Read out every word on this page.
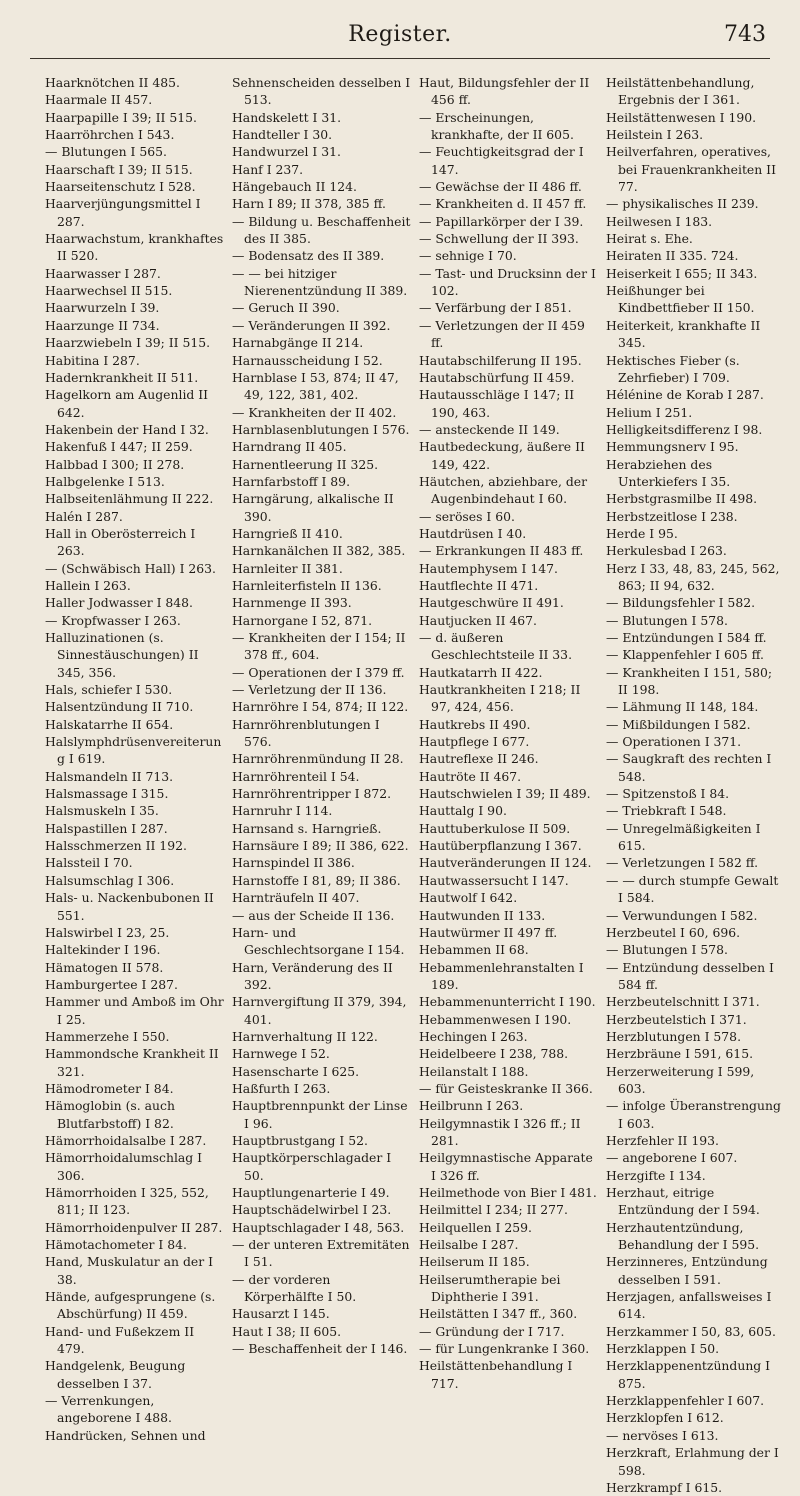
Register.	743
Haarknötchen II 485.
Haarmale II 457.
Haarpapille I 39; II 515.
Haarröhrchen I 543.
— Blutungen I 565.
Haarschaft I 39; II 515.
Haarseitenschutz I 528.
Haarverjüngungsmittel I 287.
Haarwachstum, krankhaftes II 520.
Haarwasser I 287.
Haarwechsel II 515.
Haarwurzeln I 39.
Haarzunge II 734.
Haarzwiebeln I 39; II 515.
Habitina I 287.
Hadernkrankheit II 511.
Hagelkorn am Augenlid II 642.
Hakenbein der Hand I 32.
Hakenfuß I 447; II 259.
Halbbad I 300; II 278.
Halbgelenke I 513.
Halbseitenlähmung II 222.
Halén I 287.
Hall in Oberösterreich I 263.
— (Schwäbisch Hall) I 263.
Hallein I 263.
Haller Jodwasser I 848.
— Kropfwasser I 263.
Halluzinationen (s. Sinnestäuschungen) II 345, 356.
Hals, schiefer I 530.
Halsentzündung II 710.
Halskatarrhe II 654.
Halslymphdrüsenvereiterung I 619.
Halsmandeln II 713.
Halsmassage I 315.
Halsmuskeln I 35.
Halspastillen I 287.
Halsschmerzen II 192.
Halssteil I 70.
Halsumschlag I 306.
Hals- u. Nackenbubonen II 551.
Halswirbel I 23, 25.
Haltekinder I 196.
Hämatogen II 578.
Hamburgertee I 287.
Hammer und Amboß im Ohr I 25.
Hammerzehe I 550.
Hammondsche Krankheit II 321.
Hämodrometer I 84.
Hämoglobin (s. auch Blutfarbstoff) I 82.
Hämorrhoidalsalbe I 287.
Hämorrhoidalumschlag I 306.
Hämorrhoiden I 325, 552, 811; II 123.
Hämorrhoidenpulver II 287.
Hämotachometer I 84.
Hand, Muskulatur an der I 38.
Hände, aufgesprungene (s. Abschürfung) II 459.
Hand- und Fußekzem II 479.
Handgelenk, Beugung desselben I 37.
— Verrenkungen, angeborene I 488.
Handrücken, Sehnen und
Sehnenscheiden desselben I 513.
Handskelett I 31.
Handteller I 30.
Handwurzel I 31.
Hanf I 237.
Hängebauch II 124.
Harn I 89; II 378, 385 ff.
— Bildung u. Beschaffenheit des II 385.
— Bodensatz des II 389.
— — bei hitziger Nierenentzündung II 389.
— Geruch II 390.
— Veränderungen II 392.
Harnabgänge II 214.
Harnausscheidung I 52.
Harnblase I 53, 874; II 47, 49, 122, 381, 402.
— Krankheiten der II 402.
Harnblasenblutungen I 576.
Harndrang II 405.
Harnentleerung II 325.
Harnfarbstoff I 89.
Harngärung, alkalische II 390.
Harngrieß II 410.
Harnkanälchen II 382, 385.
Harnleiter II 381.
Harnleiterfisteln II 136.
Harnmenge II 393.
Harnorgane I 52, 871.
— Krankheiten der I 154; II 378 ff., 604.
— Operationen der I 379 ff.
— Verletzung der II 136.
Harnröhre I 54, 874; II 122.
Harnröhrenblutungen I 576.
Harnröhrenmündung II 28.
Harnröhrenteil I 54.
Harnröhrentripper I 872.
Harnruhr I 114.
Harnsand s. Harngrieß.
Harnsäure I 89; II 386, 622.
Harnspindel II 386.
Harnstoffe I 81, 89; II 386.
Harnträufeln II 407.
— aus der Scheide II 136.
Harn- und Geschlechtsorgane I 154.
Harn, Veränderung des II 392.
Harnvergiftung II 379, 394, 401.
Harnverhaltung II 122.
Harnwege I 52.
Hasenscharte I 625.
Haßfurth I 263.
Hauptbrennpunkt der Linse I 96.
Hauptbrustgang I 52.
Hauptkörperschlagader I 50.
Hauptlungenarterie I 49.
Hauptschädelwirbel I 23.
Hauptschlagader I 48, 563.
— der unteren Extremitäten I 51.
— der vorderen Körperhälfte I 50.
Hausarzt I 145.
Haut I 38; II 605.
— Beschaffenheit der I 146.
Haut, Bildungsfehler der II 456 ff.
— Erscheinungen, krankhafte, der II 605.
— Feuchtigkeitsgrad der I 147.
— Gewächse der II 486 ff.
— Krankheiten d. II 457 ff.
— Papillarkörper der I 39.
— Schwellung der II 393.
— sehnige I 70.
— Tast- und Drucksinn der I 102.
— Verfärbung der I 851.
— Verletzungen der II 459 ff.
Hautabschilferung II 195.
Hautabschürfung II 459.
Hautausschläge I 147; II 190, 463.
— ansteckende II 149.
Hautbedeckung, äußere II 149, 422.
Häutchen, abziehbare, der Augenbindehaut I 60.
— seröses I 60.
Hautdrüsen I 40.
— Erkrankungen II 483 ff.
Hautemphysem I 147.
Hautflechte II 471.
Hautgeschwüre II 491.
Hautjucken II 467.
— d. äußeren Geschlechtsteile II 33.
Hautkatarrh II 422.
Hautkrankheiten I 218; II 97, 424, 456.
Hautkrebs II 490.
Hautpflege I 677.
Hautreflexe II 246.
Hautröte II 467.
Hautschwielen I 39; II 489.
Hauttalg I 90.
Hauttuberkulose II 509.
Hautüberpflanzung I 367.
Hautveränderungen II 124.
Hautwassersucht I 147.
Hautwolf I 642.
Hautwunden II 133.
Hautwürmer II 497 ff.
Hebammen II 68.
Hebammenlehranstalten I 189.
Hebammenunterricht I 190.
Hebammenwesen I 190.
Hechingen I 263.
Heidelbeere I 238, 788.
Heilanstalt I 188.
— für Geisteskranke II 366.
Heilbrunn I 263.
Heilgymnastik I 326 ff.; II 281.
Heilgymnastische Apparate I 326 ff.
Heilmethode von Bier I 481.
Heilmittel I 234; II 277.
Heilquellen I 259.
Heilsalbe I 287.
Heilserum II 185.
Heilserumtherapie bei Diphtherie I 391.
Heilstätten I 347 ff., 360.
— Gründung der I 717.
— für Lungenkranke I 360.
Heilstättenbehandlung I 717.
Heilstättenbehandlung, Ergebnis der I 361.
Heilstättenwesen I 190.
Heilstein I 263.
Heilverfahren, operatives, bei Frauenkrankheiten II 77.
— physikalisches II 239.
Heilwesen I 183.
Heirat s. Ehe.
Heiraten II 335. 724.
Heiserkeit I 655; II 343.
Heißhunger bei Kindbettfieber II 150.
Heiterkeit, krankhafte II 345.
Hektisches Fieber (s. Zehrfieber) I 709.
Hélénine de Korab I 287.
Helium I 251.
Helligkeitsdifferenz I 98.
Hemmungsnerv I 95.
Herabziehen des Unterkiefers I 35.
Herbstgrasmilbe II 498.
Herbstzeitlose I 238.
Herde I 95.
Herkulesbad I 263.
Herz I 33, 48, 83, 245, 562, 863; II 94, 632.
— Bildungsfehler I 582.
— Blutungen I 578.
— Entzündungen I 584 ff.
— Klappenfehler I 605 ff.
— Krankheiten I 151, 580; II 198.
— Lähmung II 148, 184.
— Mißbildungen I 582.
— Operationen I 371.
— Saugkraft des rechten I 548.
— Spitzenstoß I 84.
— Triebkraft I 548.
— Unregelmäßigkeiten I 615.
— Verletzungen I 582 ff.
— — durch stumpfe Gewalt I 584.
— Verwundungen I 582.
Herzbeutel I 60, 696.
— Blutungen I 578.
— Entzündung desselben I 584 ff.
Herzbeutelschnitt I 371.
Herzbeutelstich I 371.
Herzblutungen I 578.
Herzbräune I 591, 615.
Herzerweiterung I 599, 603.
— infolge Überanstrengung I 603.
Herzfehler II 193.
— angeborene I 607.
Herzgifte I 134.
Herzhaut, eitrige Entzündung der I 594.
Herzhautentzündung, Behandlung der I 595.
Herzinneres, Entzündung desselben I 591.
Herzjagen, anfallsweises I 614.
Herzkammer I 50, 83, 605.
Herzklappen I 50.
Herzklappenentzündung I 875.
Herzklappenfehler I 607.
Herzklopfen I 612.
— nervöses I 613.
Herzkraft, Erlahmung der I 598.
Herzkrampf I 615.
